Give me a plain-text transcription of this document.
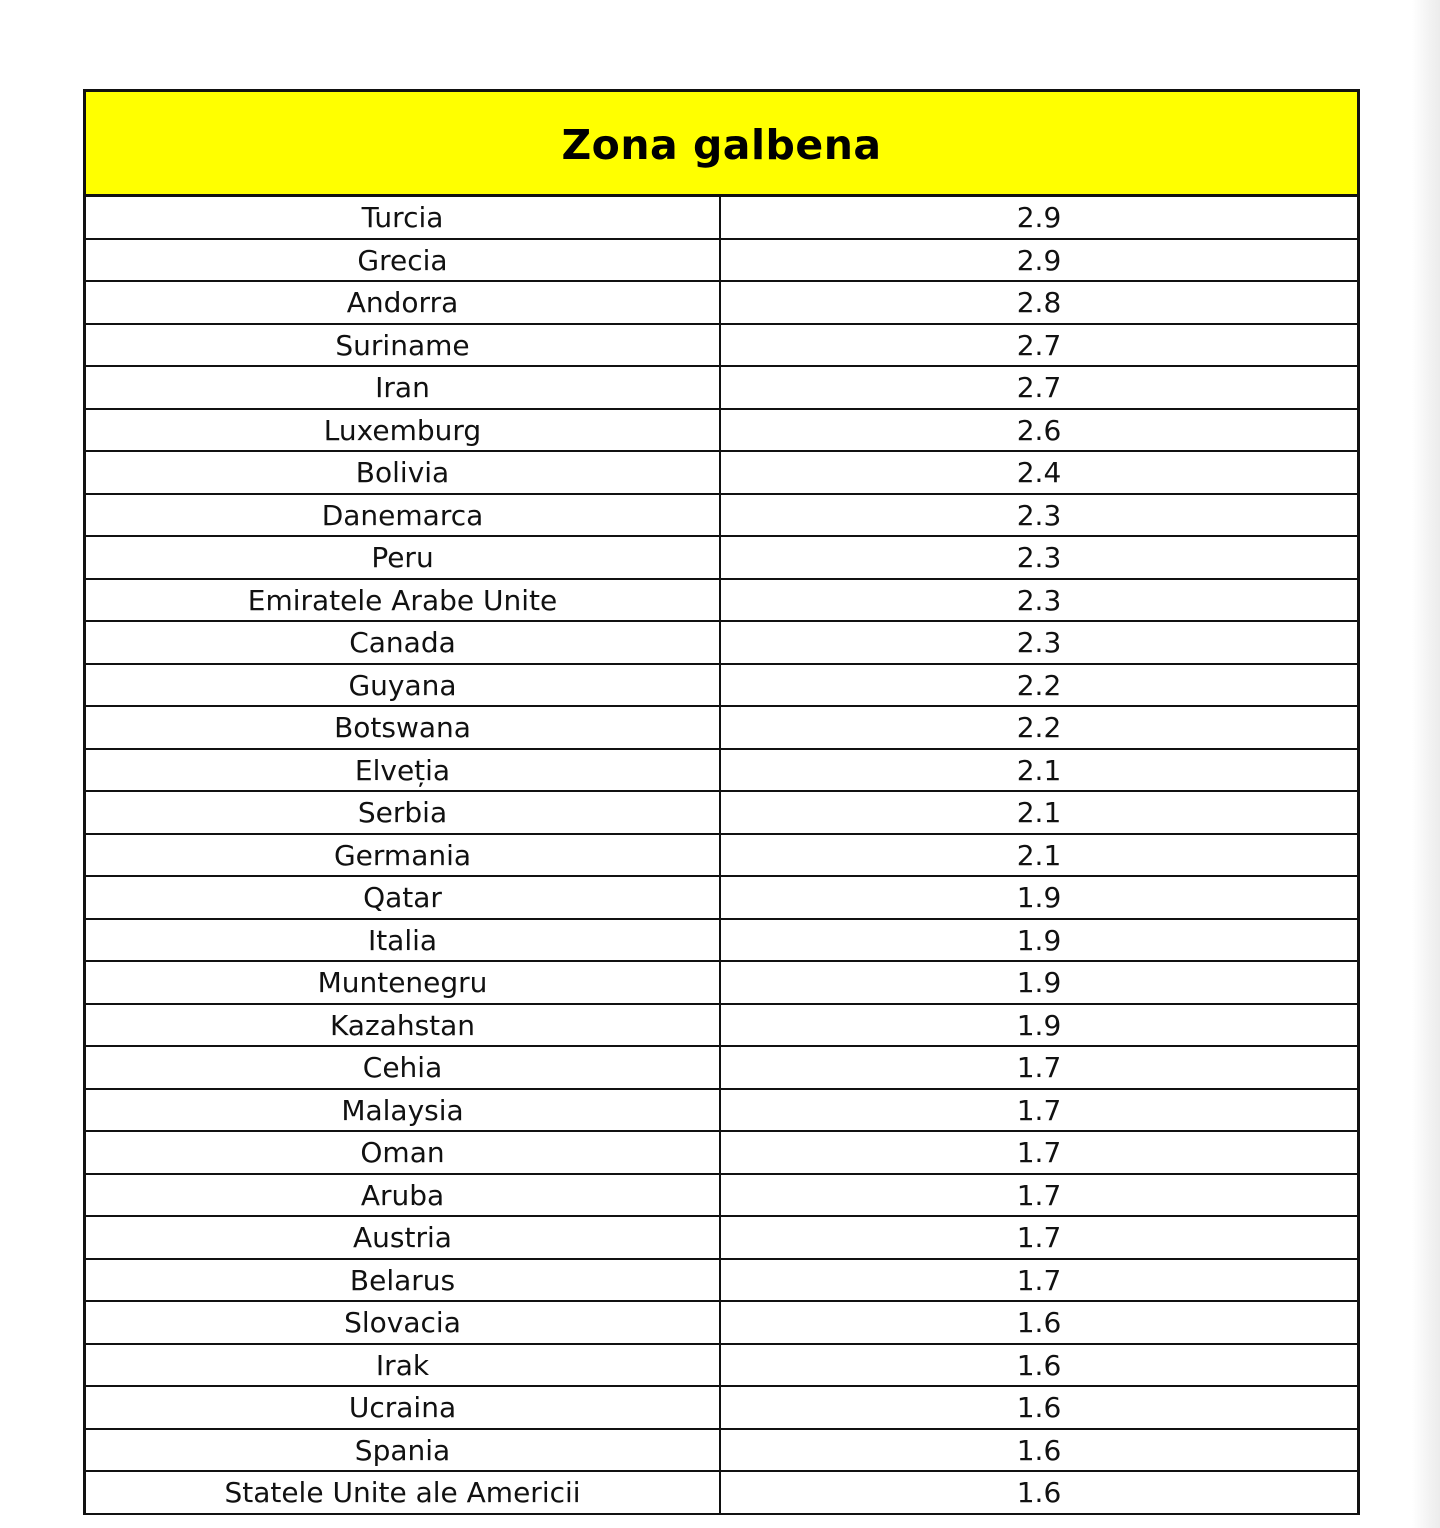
Zona galbena
Turcia	2.9
Grecia	2.9
Andorra	2.8
Suriname	2.7
Iran	2.7
Luxemburg	2.6
Bolivia	2.4
Danemarca	2.3
Peru	2.3
Emiratele Arabe Unite	2.3
Canada	2.3
Guyana	2.2
Botswana	2.2
Elveția	2.1
Serbia	2.1
Germania	2.1
Qatar	1.9
Italia	1.9
Muntenegru	1.9
Kazahstan	1.9
Cehia	1.7
Malaysia	1.7
Oman	1.7
Aruba	1.7
Austria	1.7
Belarus	1.7
Slovacia	1.6
Irak	1.6
Ucraina	1.6
Spania	1.6
Statele Unite ale Americii	1.6
